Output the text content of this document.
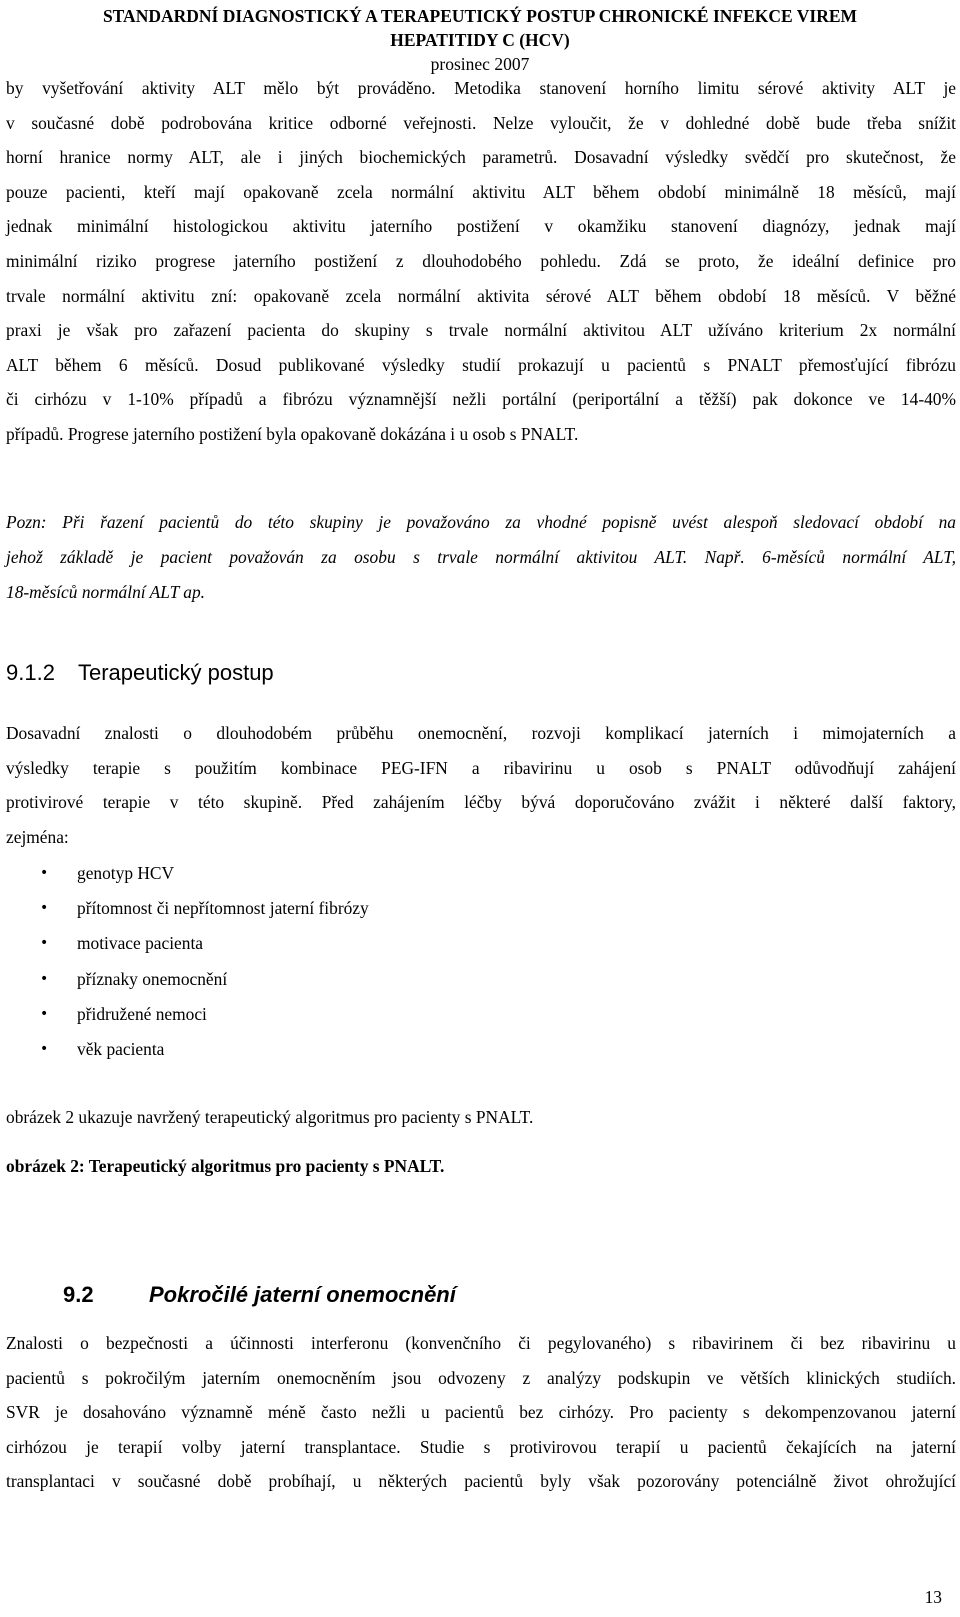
STANDARDNÍ DIAGNOSTICKÝ A TERAPEUTICKÝ POSTUP CHRONICKÉ INFEKCE VIREM
HEPATITIDY C (HCV)
prosinec 2007
by vyšetřování aktivity ALT mělo být prováděno. Metodika stanovení horního limitu sérové aktivity ALT je
v současné době podrobována kritice odborné veřejnosti. Nelze vyloučit, že v dohledné době bude třeba snížit
horní hranice normy ALT, ale i jiných biochemických parametrů. Dosavadní výsledky svědčí pro skutečnost, že
pouze pacienti, kteří mají opakovaně zcela normální aktivitu ALT během období minimálně 18 měsíců, mají
jednak minimální histologickou aktivitu jaterního postižení v okamžiku stanovení diagnózy, jednak mají
minimální riziko progrese jaterního postižení z dlouhodobého pohledu. Zdá se proto, že ideální definice pro
trvale normální aktivitu zní: opakovaně zcela normální aktivita sérové ALT během období 18 měsíců. V běžné
praxi je však pro zařazení pacienta do skupiny s trvale normální aktivitou ALT užíváno kriterium 2x normální
ALT během 6 měsíců. Dosud publikované výsledky studií prokazují u pacientů s PNALT přemosťující fibrózu
či cirhózu v 1-10% případů a fibrózu významnější nežli portální (periportální a těžší) pak dokonce ve 14-40%
případů. Progrese jaterního postižení byla opakovaně dokázána i u osob s PNALT.
Pozn: Při řazení pacientů do této skupiny je považováno za vhodné popisně uvést alespoň sledovací období na
jehož základě je pacient považován za osobu s trvale normální aktivitou ALT. Např. 6-měsíců normální ALT,
18-měsíců normální ALT ap.
9.1.2 Terapeutický postup
Dosavadní znalosti o dlouhodobém průběhu onemocnění, rozvoji komplikací jaterních i mimojaterních a
výsledky terapie s použitím kombinace PEG-IFN a ribavirinu u osob s PNALT odůvodňují zahájení
protivirové terapie v této skupině. Před zahájením léčby bývá doporučováno zvážit i některé další faktory,
zejména:
• genotyp HCV
• přítomnost či nepřítomnost jaterní fibrózy
• motivace pacienta
• příznaky onemocnění
• přidružené nemoci
• věk pacienta
obrázek 2 ukazuje navržený terapeutický algoritmus pro pacienty s PNALT.
obrázek 2: Terapeutický algoritmus pro pacienty s PNALT.
9.2	Pokročilé jaterní onemocnění
Znalosti o bezpečnosti a účinnosti interferonu (konvenčního či pegylovaného) s ribavirinem či bez ribavirinu u
pacientů s pokročilým jaterním onemocněním jsou odvozeny z analýzy podskupin ve větších klinických studiích.
SVR je dosahováno významně méně často nežli u pacientů bez cirhózy. Pro pacienty s dekompenzovanou jaterní
cirhózou je terapií volby jaterní transplantace. Studie s protivirovou terapií u pacientů čekajících na jaterní
transplantaci v současné době probíhají, u některých pacientů byly však pozorovány potenciálně život ohrožující
13
